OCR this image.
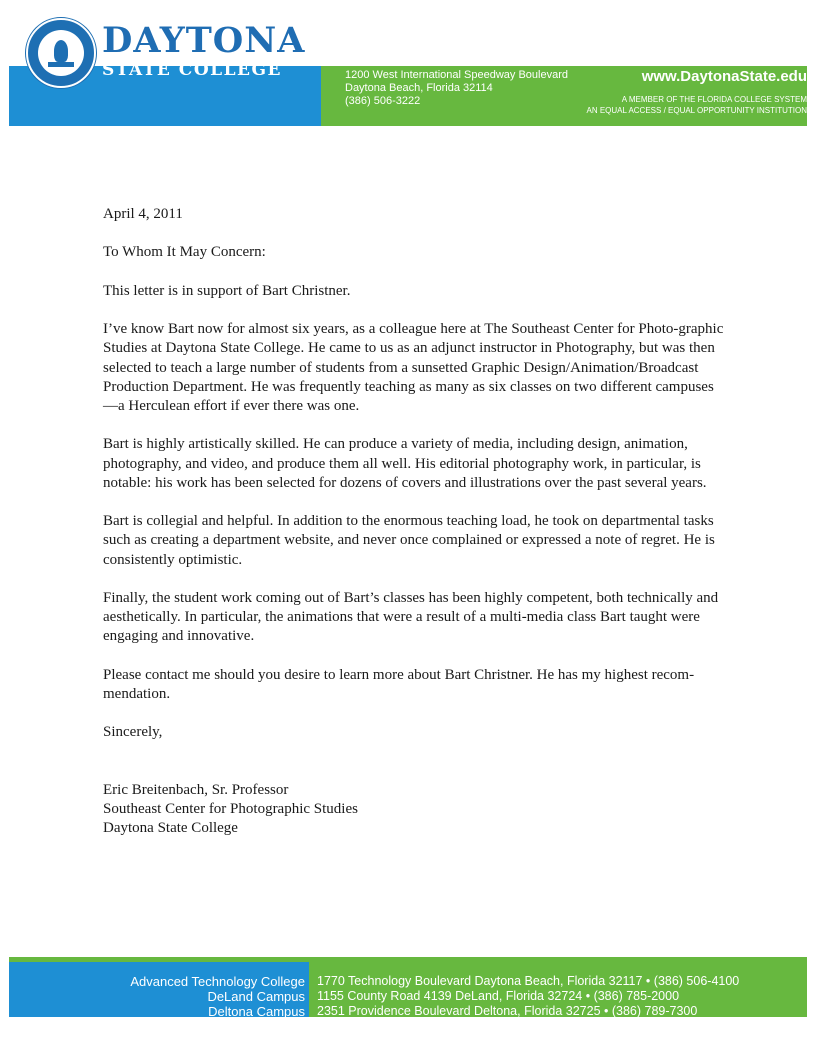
DAYTONA
STATE COLLEGE	1200 West International Speedway Boulevard
Daytona Beach, Florida 32114
(386) 506-3222
www.DaytonaState.edu
A MEMBER OF THE FLORIDA COLLEGE SYSTEM
AN EQUAL ACCESS / EQUAL OPPORTUNITY INSTITUTION

April 4, 2011

To Whom It May Concern:

This letter is in support of Bart Christner.

I’ve know Bart now for almost six years, as a colleague here at The Southeast Center for Photo-graphic Studies at Daytona State College. He came to us as an adjunct instructor in Photography, but was then selected to teach a large number of students from a sunsetted Graphic Design/Animation/Broadcast Production Department. He was frequently teaching as many as six classes on two different campuses—a Herculean effort if ever there was one.

Bart is highly artistically skilled. He can produce a variety of media, including design, animation, photography, and video, and produce them all well. His editorial photography work, in particular, is notable: his work has been selected for dozens of covers and illustrations over the past several years.

Bart is collegial and helpful. In addition to the enormous teaching load, he took on departmental tasks such as creating a department website, and never once complained or expressed a note of regret. He is consistently optimistic.

Finally, the student work coming out of Bart’s classes has been highly competent, both technically and aesthetically. In particular, the animations that were a result of a multi-media class Bart taught were engaging and innovative.

Please contact me should you desire to learn more about Bart Christner. He has my highest recom-mendation.

Sincerely,

Eric Breitenbach, Sr. Professor
Southeast Center for Photographic Studies
Daytona State College
Advanced Technology College
DeLand Campus
Deltona Campus
1770 Technology Boulevard Daytona Beach, Florida 32117 • (386) 506-4100
1155 County Road 4139 DeLand, Florida 32724 • (386) 785-2000
2351 Providence Boulevard Deltona, Florida 32725 • (386) 789-7300
